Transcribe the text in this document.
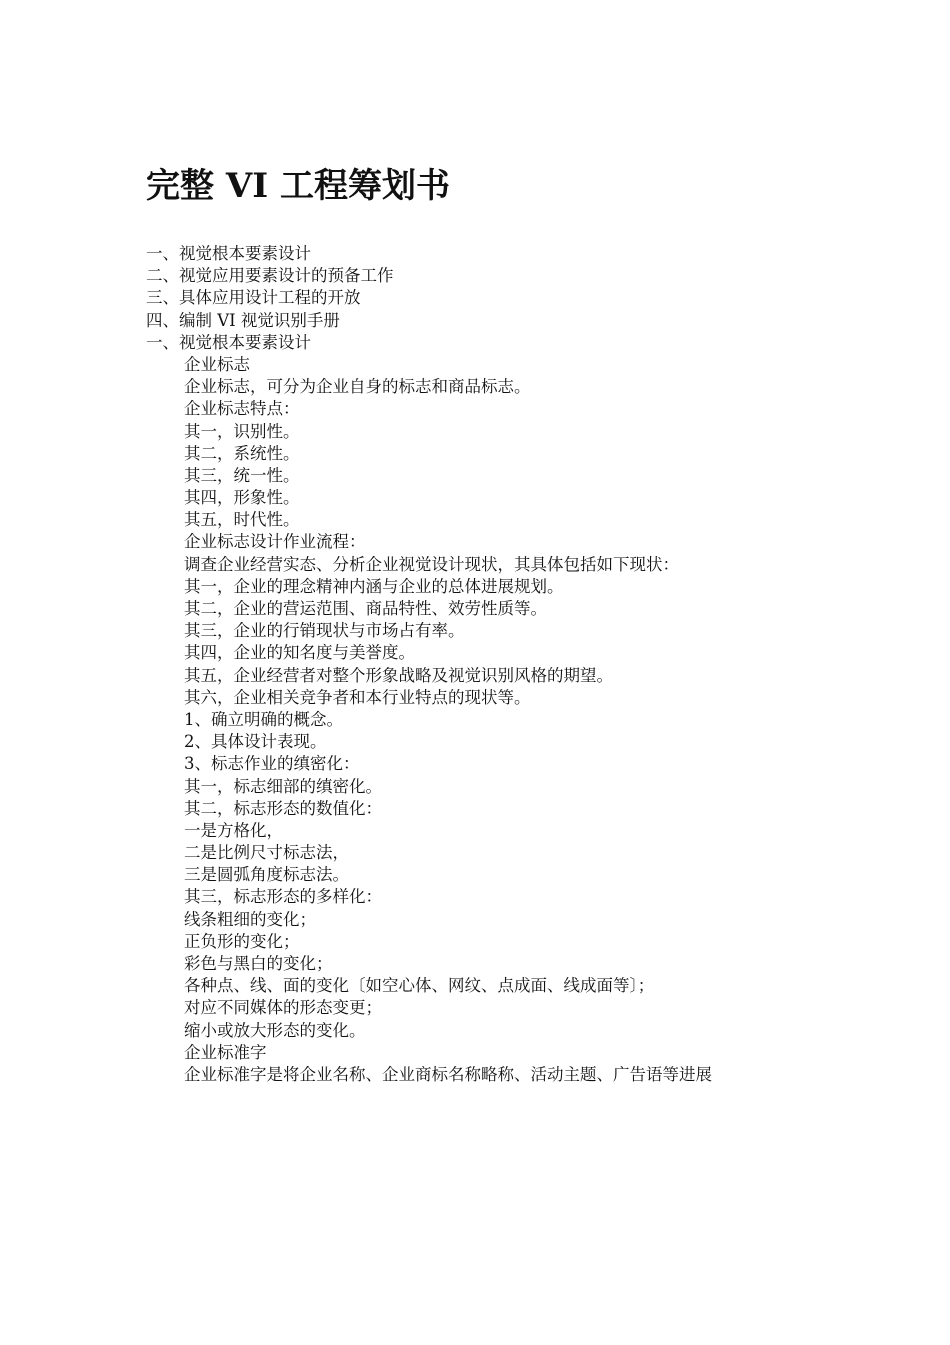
完整 VI 工程筹划书
一、视觉根本要素设计
二、视觉应用要素设计的预备工作
三、具体应用设计工程的开放
四、编制 VI 视觉识别手册
一、视觉根本要素设计
企业标志
企业标志，可分为企业自身的标志和商品标志。
企业标志特点：
其一，识别性。
其二，系统性。
其三，统一性。
其四，形象性。
其五，时代性。
企业标志设计作业流程：
调查企业经营实态、分析企业视觉设计现状，其具体包括如下现状：
其一，企业的理念精神内涵与企业的总体进展规划。
其二，企业的营运范围、商品特性、效劳性质等。
其三，企业的行销现状与市场占有率。
其四，企业的知名度与美誉度。
其五，企业经营者对整个形象战略及视觉识别风格的期望。
其六，企业相关竞争者和本行业特点的现状等。
1、确立明确的概念。
2、具体设计表现。
3、标志作业的缜密化：
其一，标志细部的缜密化。
其二，标志形态的数值化：
一是方格化，
二是比例尺寸标志法，
三是圆弧角度标志法。
其三，标志形态的多样化：
线条粗细的变化；
正负形的变化；
彩色与黑白的变化；
各种点、线、面的变化〔如空心体、网纹、点成面、线成面等〕；
对应不同媒体的形态变更；
缩小或放大形态的变化。
企业标准字
企业标准字是将企业名称、企业商标名称略称、活动主题、广告语等进展
